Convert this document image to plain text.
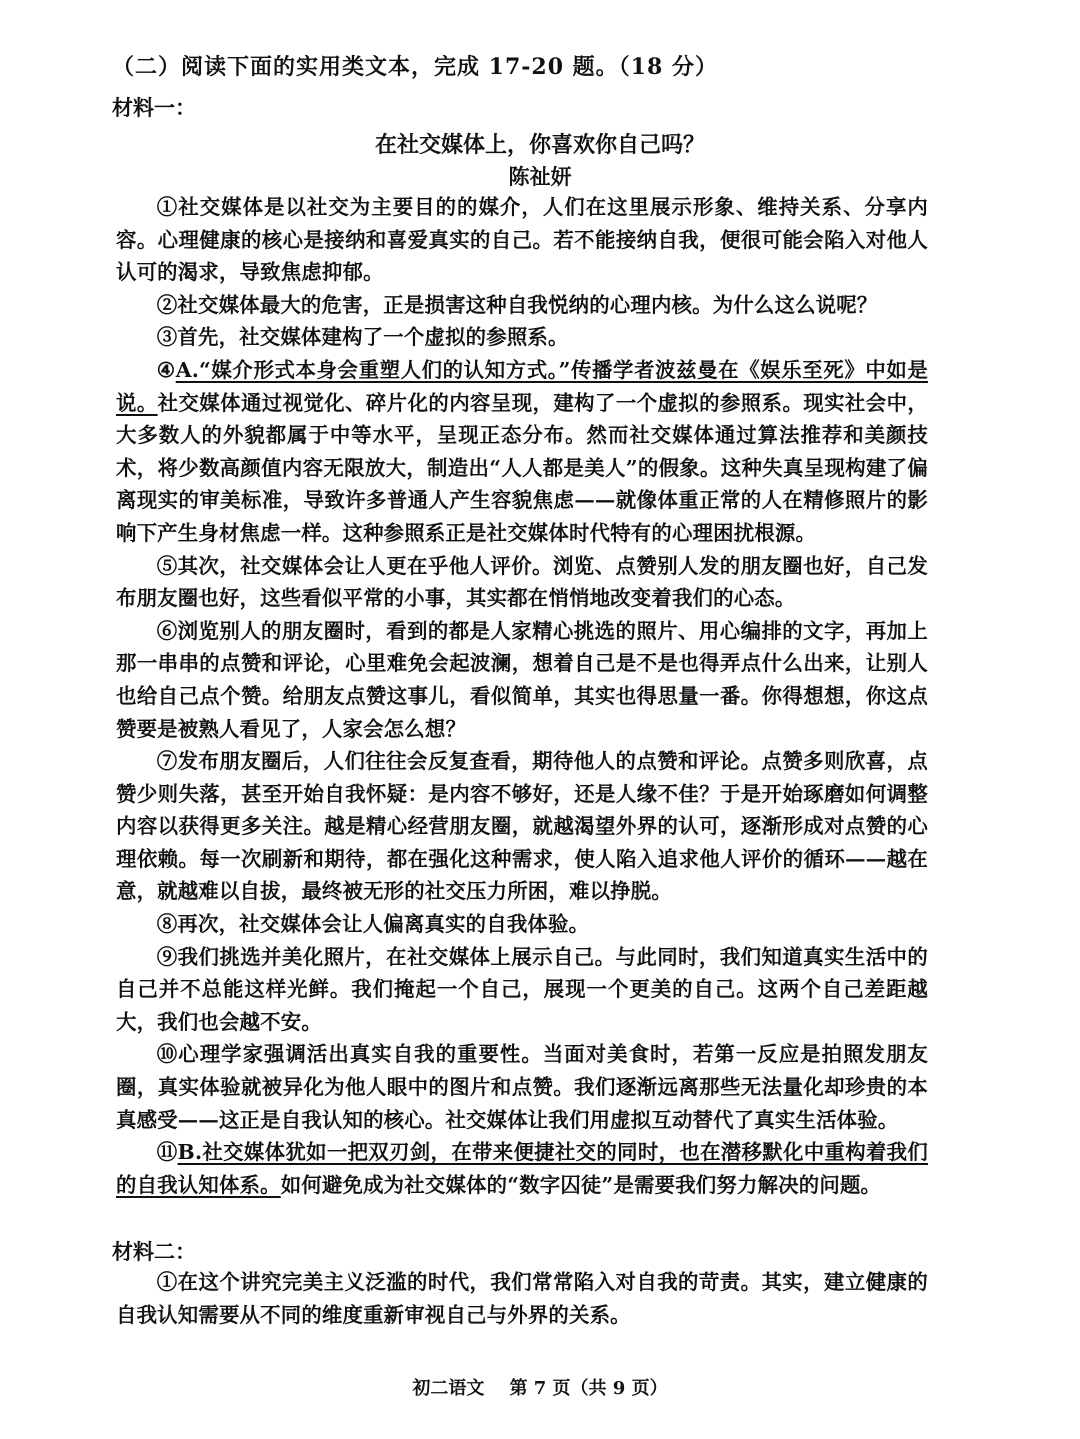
（二）阅读下面的实用类文本，完成 17-20 题。（18 分）
材料一：
在社交媒体上，你喜欢你自己吗？
陈祉妍

①社交媒体是以社交为主要目的的媒介，人们在这里展示形象、维持关系、分享内容。心理健康的核心是接纳和喜爱真实的自己。若不能接纳自我，便很可能会陷入对他人认可的渴求，导致焦虑抑郁。

②社交媒体最大的危害，正是损害这种自我悦纳的心理内核。为什么这么说呢？

③首先，社交媒体建构了一个虚拟的参照系。

④A.“媒介形式本身会重塑人们的认知方式。”传播学者波兹曼在《娱乐至死》中如是说。社交媒体通过视觉化、碎片化的内容呈现，建构了一个虚拟的参照系。现实社会中，大多数人的外貌都属于中等水平，呈现正态分布。然而社交媒体通过算法推荐和美颜技术，将少数高颜值内容无限放大，制造出“人人都是美人”的假象。这种失真呈现构建了偏离现实的审美标准，导致许多普通人产生容貌焦虑——就像体重正常的人在精修照片的影响下产生身材焦虑一样。这种参照系正是社交媒体时代特有的心理困扰根源。

⑤其次，社交媒体会让人更在乎他人评价。浏览、点赞别人发的朋友圈也好，自己发布朋友圈也好，这些看似平常的小事，其实都在悄悄地改变着我们的心态。

⑥浏览别人的朋友圈时，看到的都是人家精心挑选的照片、用心编排的文字，再加上那一串串的点赞和评论，心里难免会起波澜，想着自己是不是也得弄点什么出来，让别人也给自己点个赞。给朋友点赞这事儿，看似简单，其实也得思量一番。你得想想，你这点赞要是被熟人看见了，人家会怎么想？

⑦发布朋友圈后，人们往往会反复查看，期待他人的点赞和评论。点赞多则欣喜，点赞少则失落，甚至开始自我怀疑：是内容不够好，还是人缘不佳？于是开始琢磨如何调整内容以获得更多关注。越是精心经营朋友圈，就越渴望外界的认可，逐渐形成对点赞的心理依赖。每一次刷新和期待，都在强化这种需求，使人陷入追求他人评价的循环——越在意，就越难以自拔，最终被无形的社交压力所困，难以挣脱。

⑧再次，社交媒体会让人偏离真实的自我体验。

⑨我们挑选并美化照片，在社交媒体上展示自己。与此同时，我们知道真实生活中的自己并不总能这样光鲜。我们掩起一个自己，展现一个更美的自己。这两个自己差距越大，我们也会越不安。

⑩心理学家强调活出真实自我的重要性。当面对美食时，若第一反应是拍照发朋友圈，真实体验就被异化为他人眼中的图片和点赞。我们逐渐远离那些无法量化却珍贵的本真感受——这正是自我认知的核心。社交媒体让我们用虚拟互动替代了真实生活体验。

⑪B.社交媒体犹如一把双刃剑，在带来便捷社交的同时，也在潜移默化中重构着我们的自我认知体系。如何避免成为社交媒体的“数字囚徒”是需要我们努力解决的问题。

材料二：

①在这个讲究完美主义泛滥的时代，我们常常陷入对自我的苛责。其实，建立健康的自我认知需要从不同的维度重新审视自己与外界的关系。

初二语文    第 7 页（共 9 页）
